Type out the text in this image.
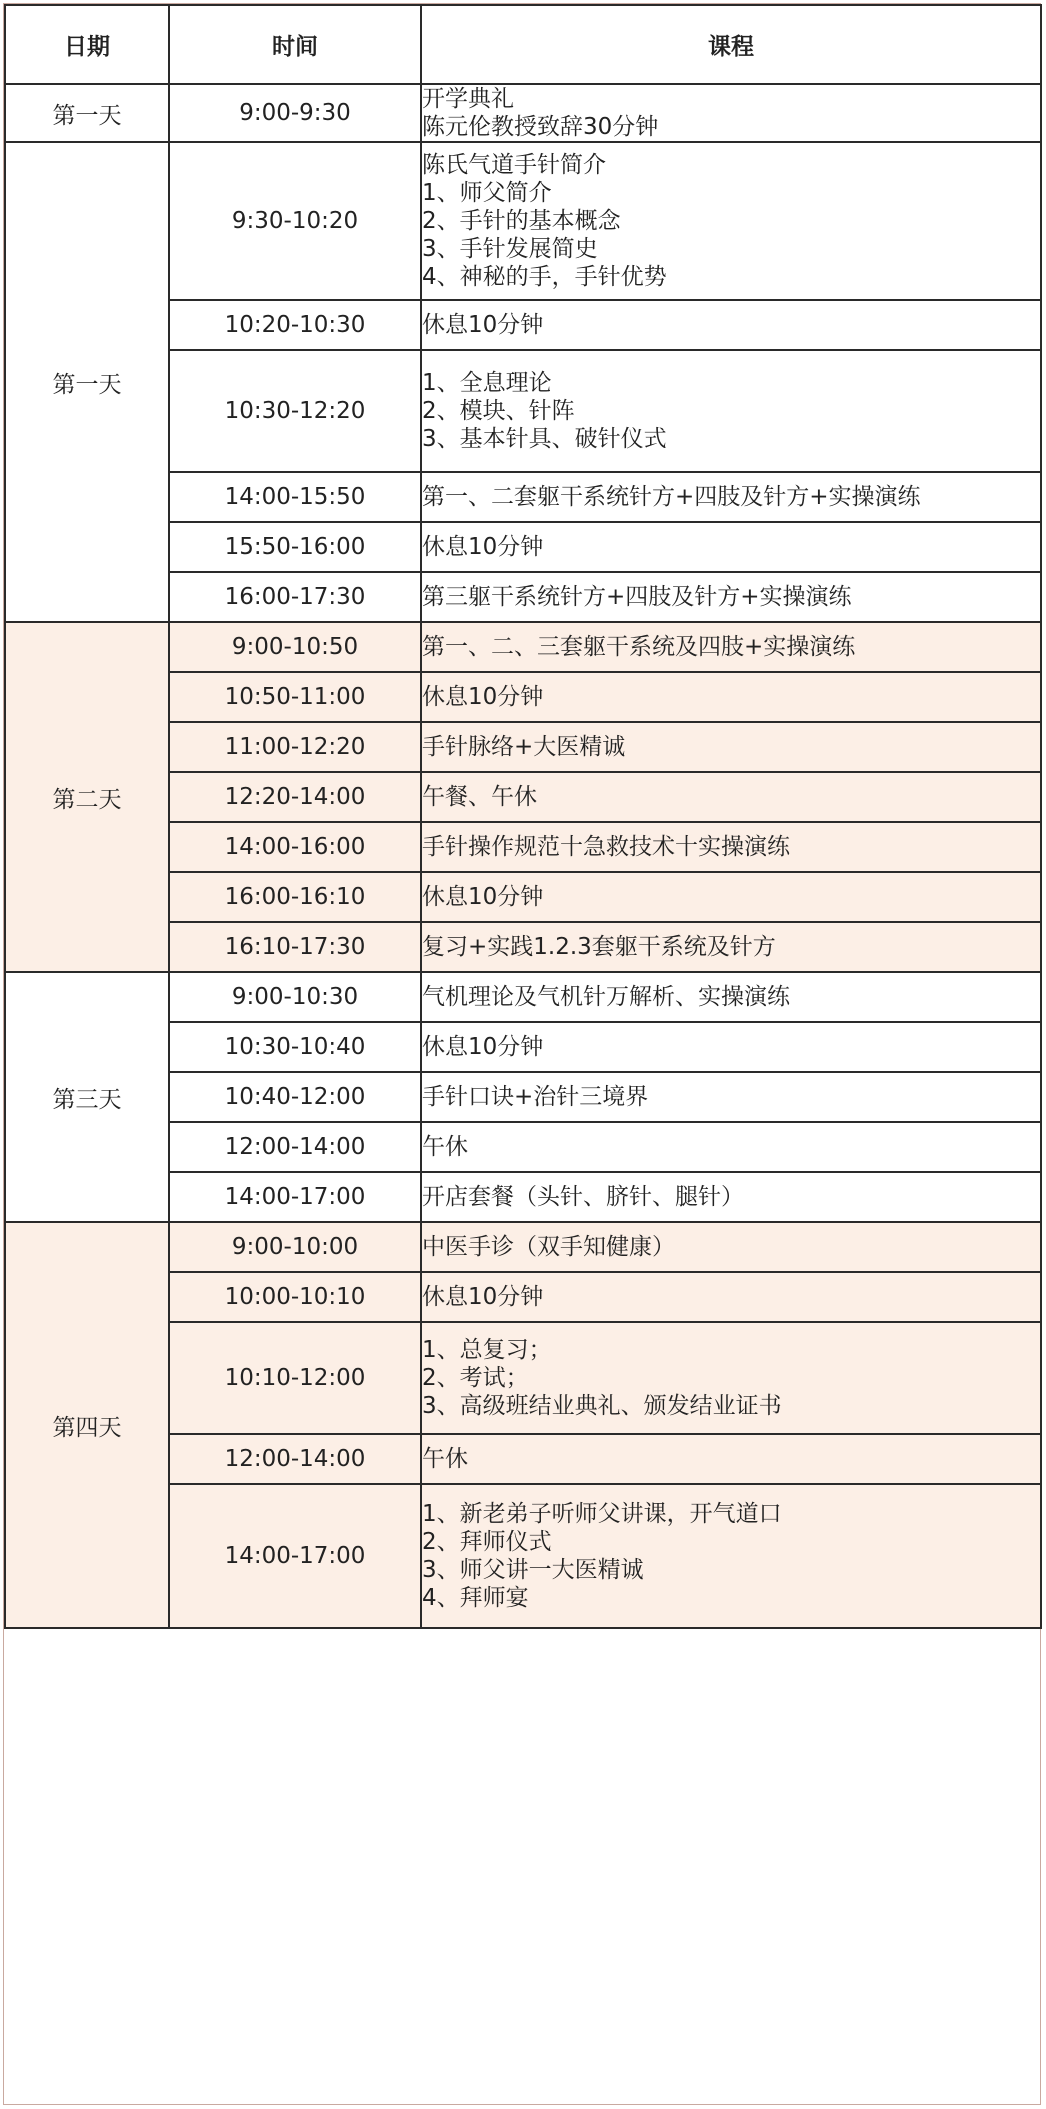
日期	时间	课程
第一天	9:00-9:30	开学典礼
陈元伦教授致辞30分钟

第一天	9:30-10:20	陈氏气道手针简介
1、师父简介
2、手针的基本概念
3、手针发展简史
4、神秘的手，手针优势

	10:20-10:30	休息10分钟

	10:30-12:20	1、全息理论
2、模块、针阵
3、基本针具、破针仪式

	14:00-15:50	第一、二套躯干系统针方+四肢及针方+实操演练

	15:50-16:00	休息10分钟

	16:00-17:30	第三躯干系统针方+四肢及针方+实操演练

第二天	9:00-10:50	第一、二、三套躯干系统及四肢+实操演练

	10:50-11:00	休息10分钟

	11:00-12:20	手针脉络+大医精诚

	12:20-14:00	午餐、午休

	14:00-16:00	手针操作规范十急救技术十实操演练

	16:00-16:10	休息10分钟

	16:10-17:30	复习+实践1.2.3套躯干系统及针方

第三天	9:00-10:30	气机理论及气机针万解析、实操演练

	10:30-10:40	休息10分钟

	10:40-12:00	手针口诀+治针三境界

	12:00-14:00	午休

	14:00-17:00	开店套餐（头针、脐针、腿针）

第四天	9:00-10:00	中医手诊（双手知健康）

	10:00-10:10	休息10分钟

	10:10-12:00	1、总复习；
2、考试；
3、高级班结业典礼、颁发结业证书

	12:00-14:00	午休

	14:00-17:00	1、新老弟子听师父讲课，开气道口
2、拜师仪式
3、师父讲一大医精诚
4、拜师宴
